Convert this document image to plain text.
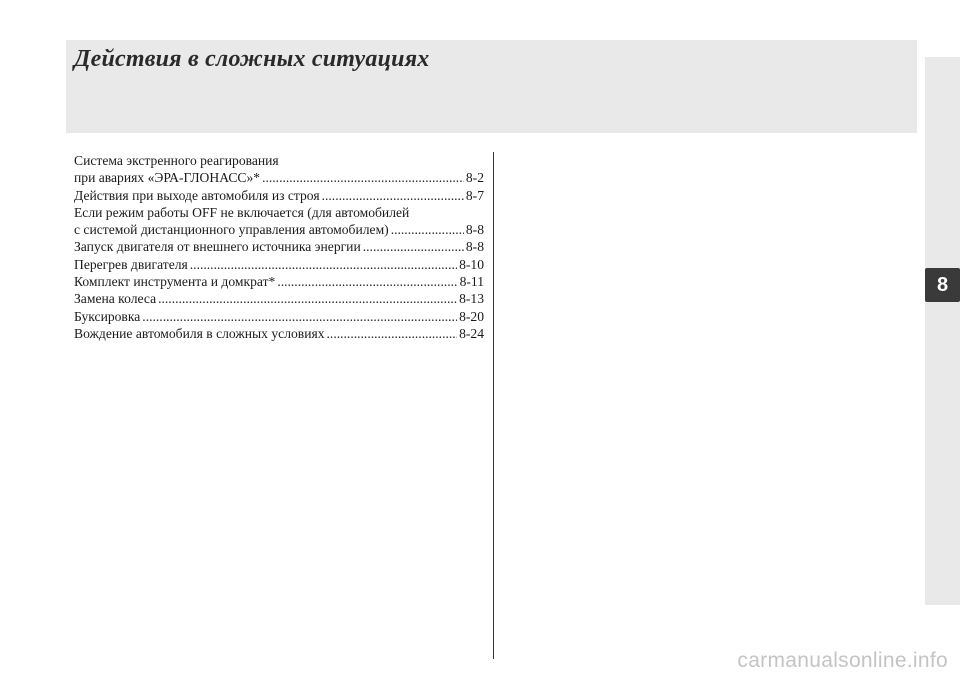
Действия в сложных ситуациях
8
Система экстренного реагирования
при авариях «ЭРА-ГЛОНАСС»* .....	8-2
Действия при выходе автомобиля из строя .....	8-7
Если режим работы OFF не включается (для автомобилей
с системой дистанционного управления автомобилем) .....	8-8
Запуск двигателя от внешнего источника энергии .....	8-8
Перегрев двигателя .....	8-10
Комплект инструмента и домкрат* .....	8-11
Замена колеса .....	8-13
Буксировка .....	8-20
Вождение автомобиля в сложных условиях .....	8-24
carmanualsonline.info
